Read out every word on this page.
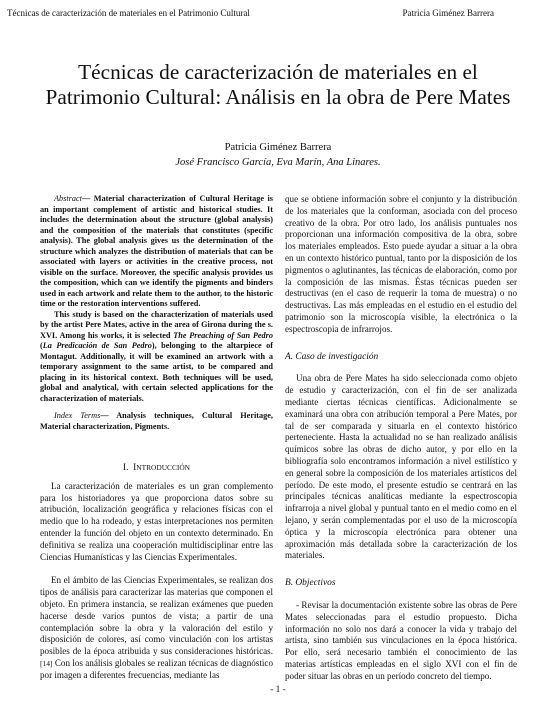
Técnicas de caracterización de materiales en el Patrimonio Cultural	Patricia Giménez Barrera
Técnicas de caracterización de materiales en el Patrimonio Cultural: Análisis en la obra de Pere Mates
Patricia Giménez Barrera
José Francisco García, Eva Marín, Ana Linares.

Abstract— Material characterization of Cultural Heritage is an important complement of artistic and historical studies. It includes the determination about the structure (global analysis) and the composition of the materials that constitutes (specific analysis). The global analysis gives us the determination of the structure which analyzes the distribution of materials that can be associated with layers or activities in the creative process, not visible on the surface. Moreover, the specific analysis provides us the composition, which can we identify the pigments and binders used in each artwork and relate them to the author, to the historic time or the restoration interventions suffered.

This study is based on the characterization of materials used by the artist Pere Mates, active in the area of Girona during the s. XVI. Among his works, it is selected The Preaching of San Pedro (La Predicación de San Pedro), belonging to the altarpiece of Montagut. Additionally, it will be examined an artwork with a temporary assignment to the same artist, to be compared and placing in its historical context. Both techniques will be used, global and analytical, with certain selected applications for the characterization of materials.

Index Terms— Analysis techniques, Cultural Heritage, Material characterization, Pigments.

I. INTRODUCCIÓN

La caracterización de materiales es un gran complemento para los historiadores ya que proporciona datos sobre su atribución, localización geográfica y relaciones físicas con el medio que lo ha rodeado, y estas interpretaciones nos permiten entender la función del objeto en un contexto determinado. En definitiva se realiza una cooperación multidisciplinar entre las Ciencias Humanísticas y las Ciencias Experimentales.

En el ámbito de las Ciencias Experimentales, se realizan dos tipos de análisis para caracterizar las materias que componen el objeto. En primera instancia, se realizan exámenes que pueden hacerse desde varios puntos de vista; a partir de una contemplación sobre la obra y la valoración del estilo y disposición de colores, así como vinculación con los artistas posibles de la época atribuida y sus consideraciones históricas. [14] Con los análisis globales se realizan técnicas de diagnóstico por imagen a diferentes frecuencias, mediante las

que se obtiene información sobre el conjunto y la distribución de los materiales que la conforman, asociada con del proceso creativo de la obra. Por otro lado, los análisis puntuales nos proporcionan una información compositiva de la obra, sobre los materiales empleados. Esto puede ayudar a situar a la obra en un contexto histórico puntual, tanto por la disposición de los pigmentos o aglutinantes, las técnicas de elaboración, como por la composición de las mismas. Éstas técnicas pueden ser destructivas (en el caso de requerir la toma de muestra) o no destructivas. Las más empleadas en el estudio en el estudio del patrimonio son la microscopía visible, la electrónica o la espectroscopia de infrarrojos.

A. Caso de investigación

Una obra de Pere Mates ha sido seleccionada como objeto de estudio y caracterización, con el fin de ser analizada mediante ciertas técnicas científicas. Adicionalmente se examinará una obra con atribución temporal a Pere Mates, por tal de ser comparada y situarla en el contexto histórico perteneciente. Hasta la actualidad no se han realizado análisis químicos sobre las obras de dicho autor, y por ello en la bibliografía solo encontramos información a nivel estilístico y en general sobre la composición de los materiales artísticos del período. De este modo, el presente estudio se centrará en las principales técnicas analíticas mediante la espectroscopia infrarroja a nivel global y puntual tanto en el medio como en el lejano, y serán complementadas por el uso de la microscopía óptica y la microscopía electrónica para obtener una aproximación más detallada sobre la caracterización de los materiales.

B. Objectivos

- Revisar la documentación existente sobre las obras de Pere Mates seleccionadas para el estudio propuesto. Dicha información no solo nos dará a conocer la vida y trabajo del artista, sino también sus vinculaciones en la época histórica. Por ello, será necesario también el conocimiento de las materias artísticas empleadas en el siglo XVI con el fin de poder situar las obras en un período concreto del tiempo.

- 1 -
